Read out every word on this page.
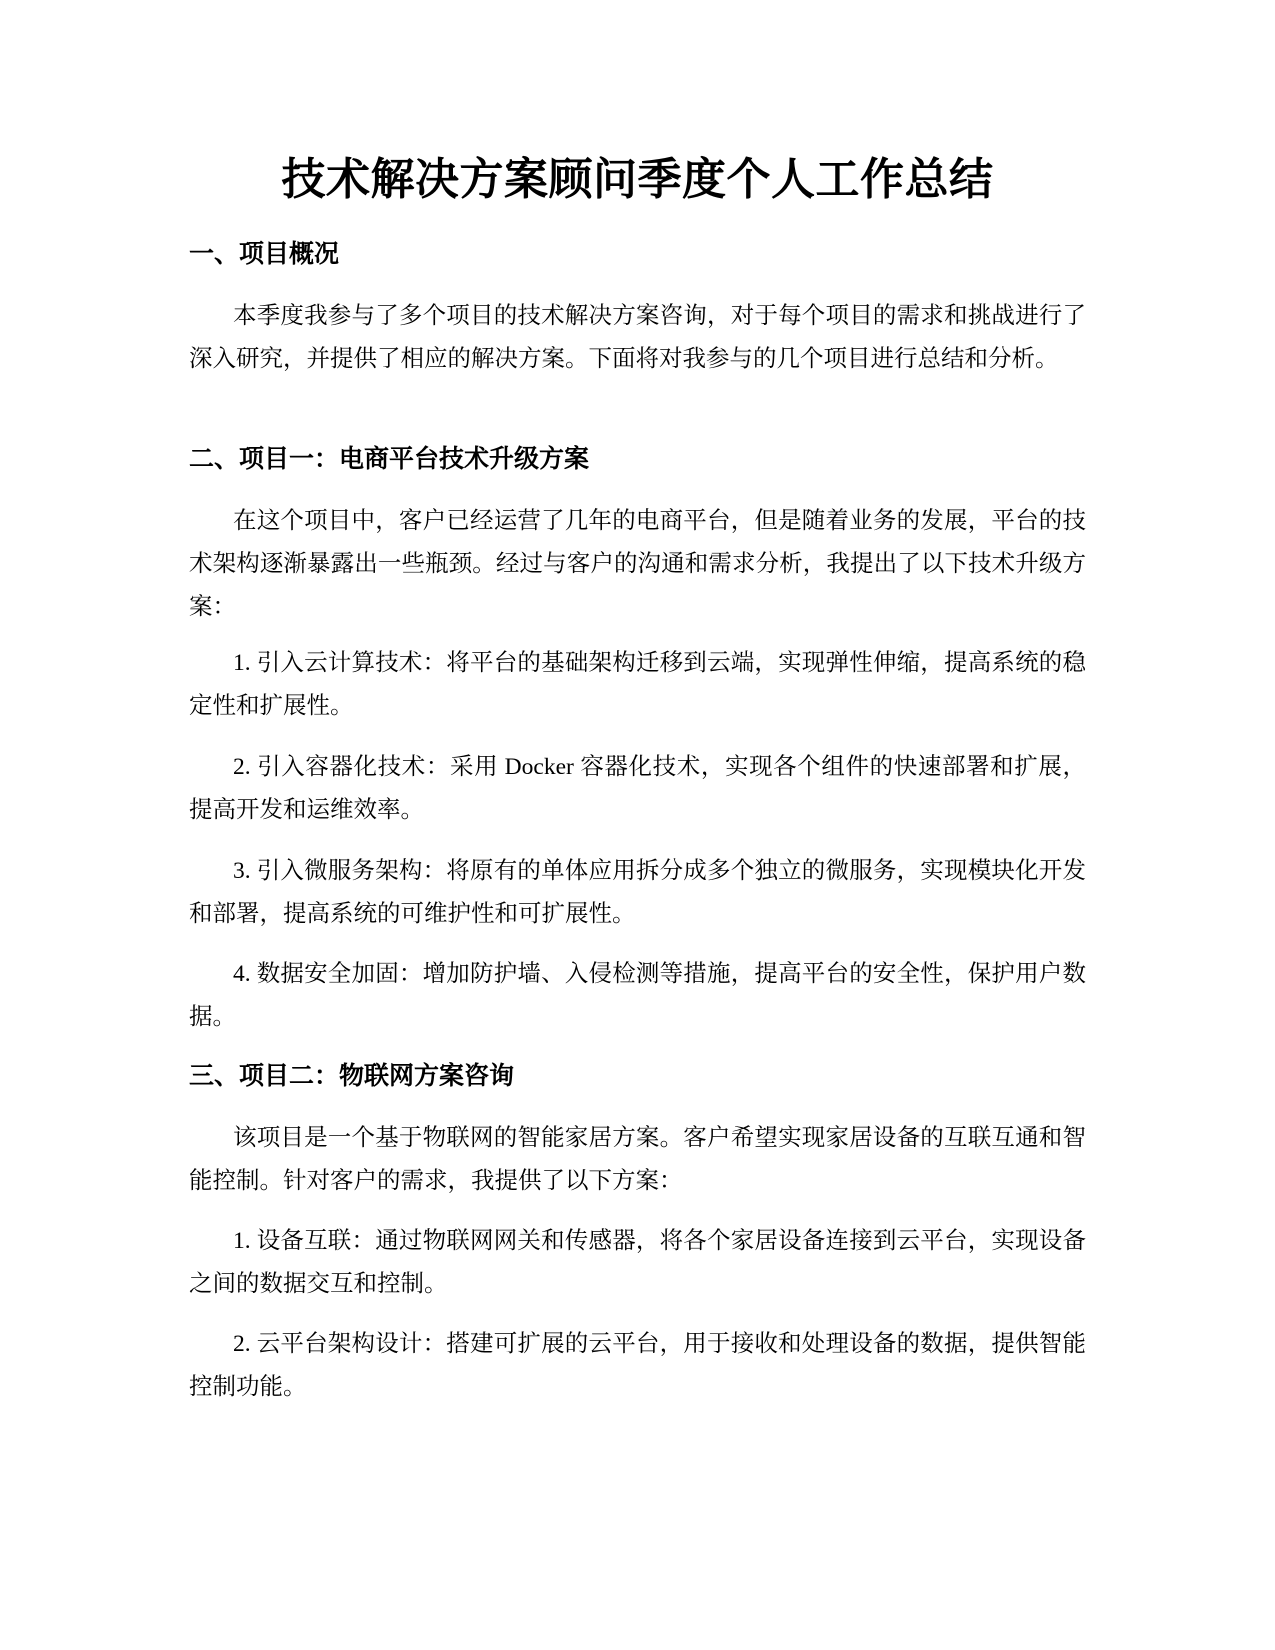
技术解决方案顾问季度个人工作总结
一、项目概况

本季度我参与了多个项目的技术解决方案咨询，对于每个项目的需求和挑战进行了深入研究，并提供了相应的解决方案。下面将对我参与的几个项目进行总结和分析。

二、项目一：电商平台技术升级方案

在这个项目中，客户已经运营了几年的电商平台，但是随着业务的发展，平台的技术架构逐渐暴露出一些瓶颈。经过与客户的沟通和需求分析，我提出了以下技术升级方案：

1. 引入云计算技术：将平台的基础架构迁移到云端，实现弹性伸缩，提高系统的稳定性和扩展性。

2. 引入容器化技术：采用 Docker 容器化技术，实现各个组件的快速部署和扩展，提高开发和运维效率。

3. 引入微服务架构：将原有的单体应用拆分成多个独立的微服务，实现模块化开发和部署，提高系统的可维护性和可扩展性。

4. 数据安全加固：增加防护墙、入侵检测等措施，提高平台的安全性，保护用户数据。

三、项目二：物联网方案咨询

该项目是一个基于物联网的智能家居方案。客户希望实现家居设备的互联互通和智能控制。针对客户的需求，我提供了以下方案：

1. 设备互联：通过物联网网关和传感器，将各个家居设备连接到云平台，实现设备之间的数据交互和控制。

2. 云平台架构设计：搭建可扩展的云平台，用于接收和处理设备的数据，提供智能控制功能。
